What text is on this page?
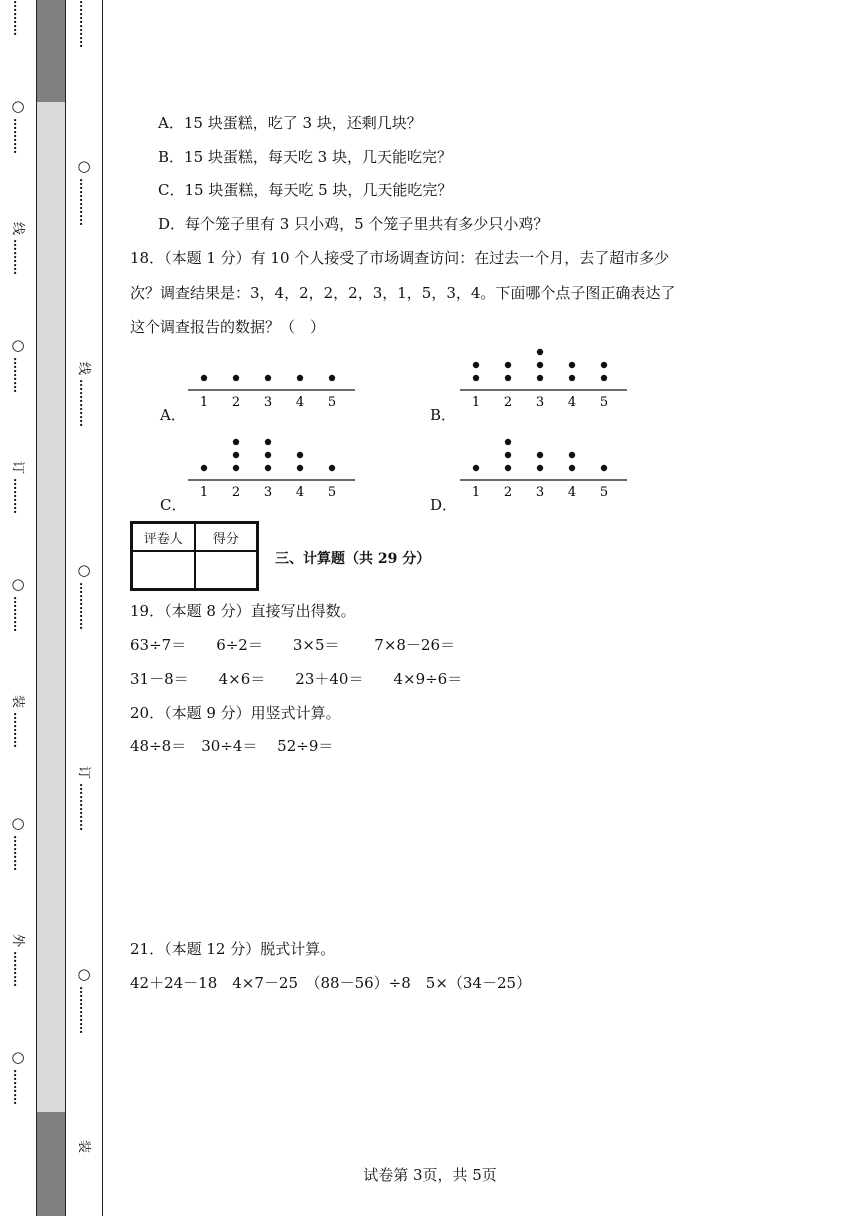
………
○
………
线
………
○
………
订
………
○
………
装
………
○
………
外
………
○
………
…………
○
…………
线
…………
○
…………
订
…………
○
…………
装
A．15 块蛋糕，吃了 3 块，还剩几块？
B．15 块蛋糕，每天吃 3 块，几天能吃完？
C．15 块蛋糕，每天吃 5 块，几天能吃完？
D．每个笼子里有 3 只小鸡，5 个笼子里共有多少只小鸡？
18．（本题 1 分）有 10 个人接受了市场调查访问：在过去一个月，去了超市多少
次？调查结果是：3，4，2，2，2，3，1，5，3，4。下面哪个点子图正确表达了
这个调查报告的数据？（　）
A．
1 2 3 4 5
B．
1 2 3 4 5
C．
1 2 3 4 5
D．
1 2 3 4 5
评卷人	得分
三、计算题（共 29 分）
19．（本题 8 分）直接写出得数。
63÷7＝　　6÷2＝　　3×5＝　　 7×8－26＝
31－8＝　　4×6＝　　23＋40＝　　4×9÷6＝
20．（本题 9 分）用竖式计算。
48÷8＝　30÷4＝　 52÷9＝
21．（本题 12 分）脱式计算。
42＋24－18　4×7－25　（88－56）÷8　5×（34－25）
试卷第 3页，共 5页
